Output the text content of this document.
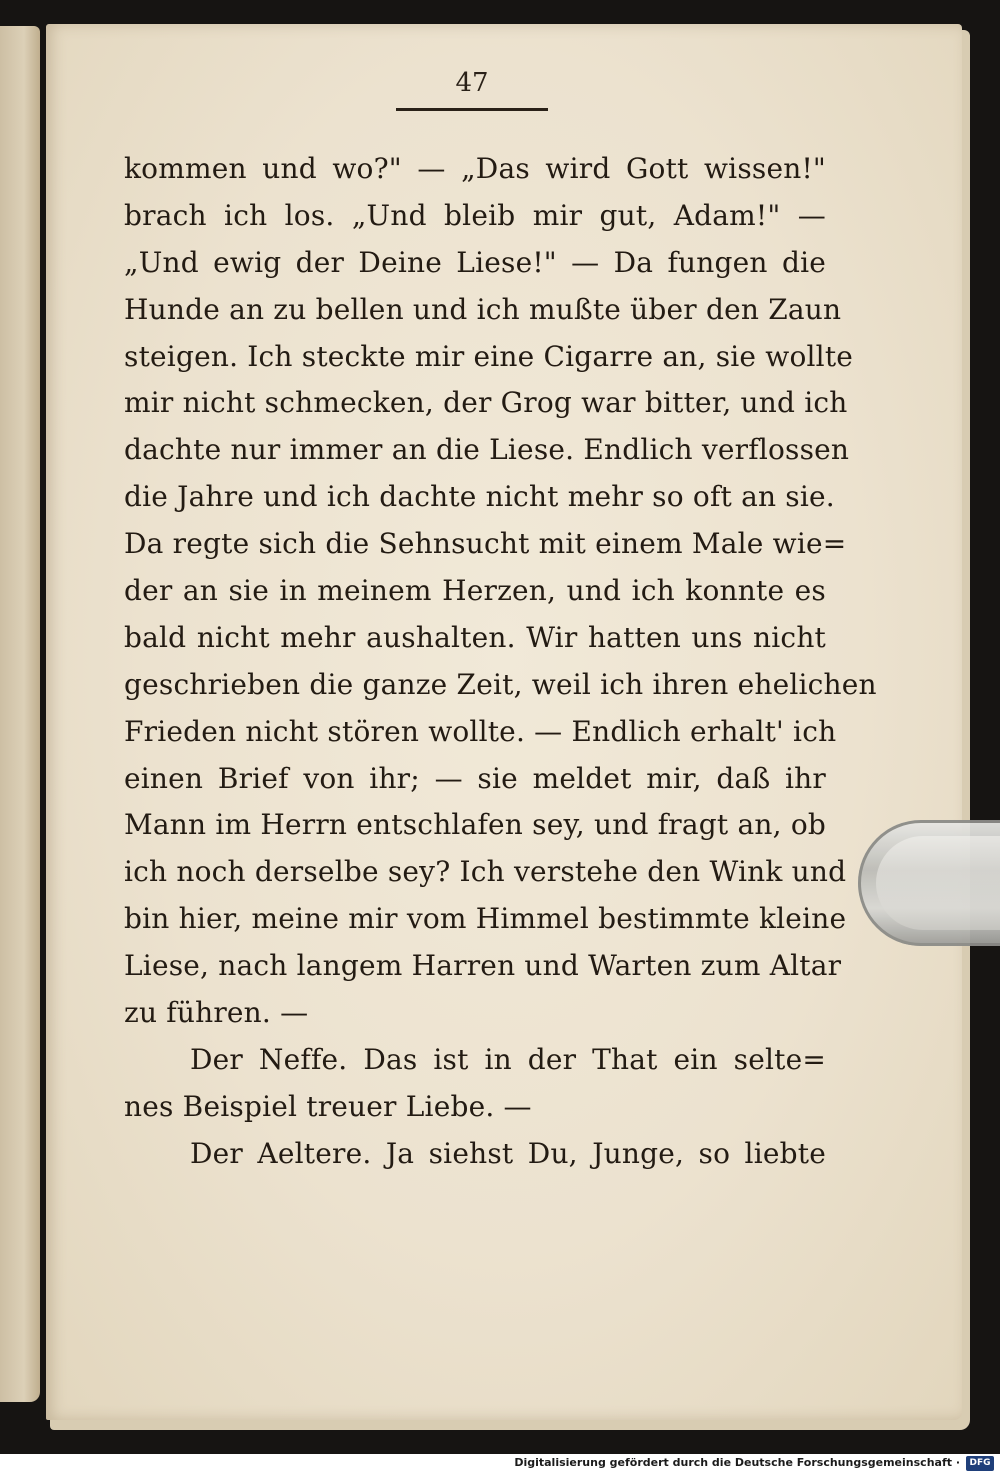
47
kommen und wo?" — „Das wird Gott wissen!"
brach ich los. „Und bleib mir gut, Adam!" —
„Und ewig der Deine Liese!" — Da fungen die
Hunde an zu bellen und ich mußte über den Zaun
steigen. Ich steckte mir eine Cigarre an, sie wollte
mir nicht schmecken, der Grog war bitter, und ich
dachte nur immer an die Liese. Endlich verflossen
die Jahre und ich dachte nicht mehr so oft an sie.
Da regte sich die Sehnsucht mit einem Male wie=
der an sie in meinem Herzen, und ich konnte es
bald nicht mehr aushalten. Wir hatten uns nicht
geschrieben die ganze Zeit, weil ich ihren ehelichen
Frieden nicht stören wollte. — Endlich erhalt' ich
einen Brief von ihr; — sie meldet mir, daß ihr
Mann im Herrn entschlafen sey, und fragt an, ob
ich noch derselbe sey? Ich verstehe den Wink und
bin hier, meine mir vom Himmel bestimmte kleine
Liese, nach langem Harren und Warten zum Altar
zu führen. —
Der Neffe. Das ist in der That ein selte=
nes Beispiel treuer Liebe. —
Der Aeltere. Ja siehst Du, Junge, so liebte
Digitalisierung gefördert durch die Deutsche Forschungsgemeinschaft ·	DFG
